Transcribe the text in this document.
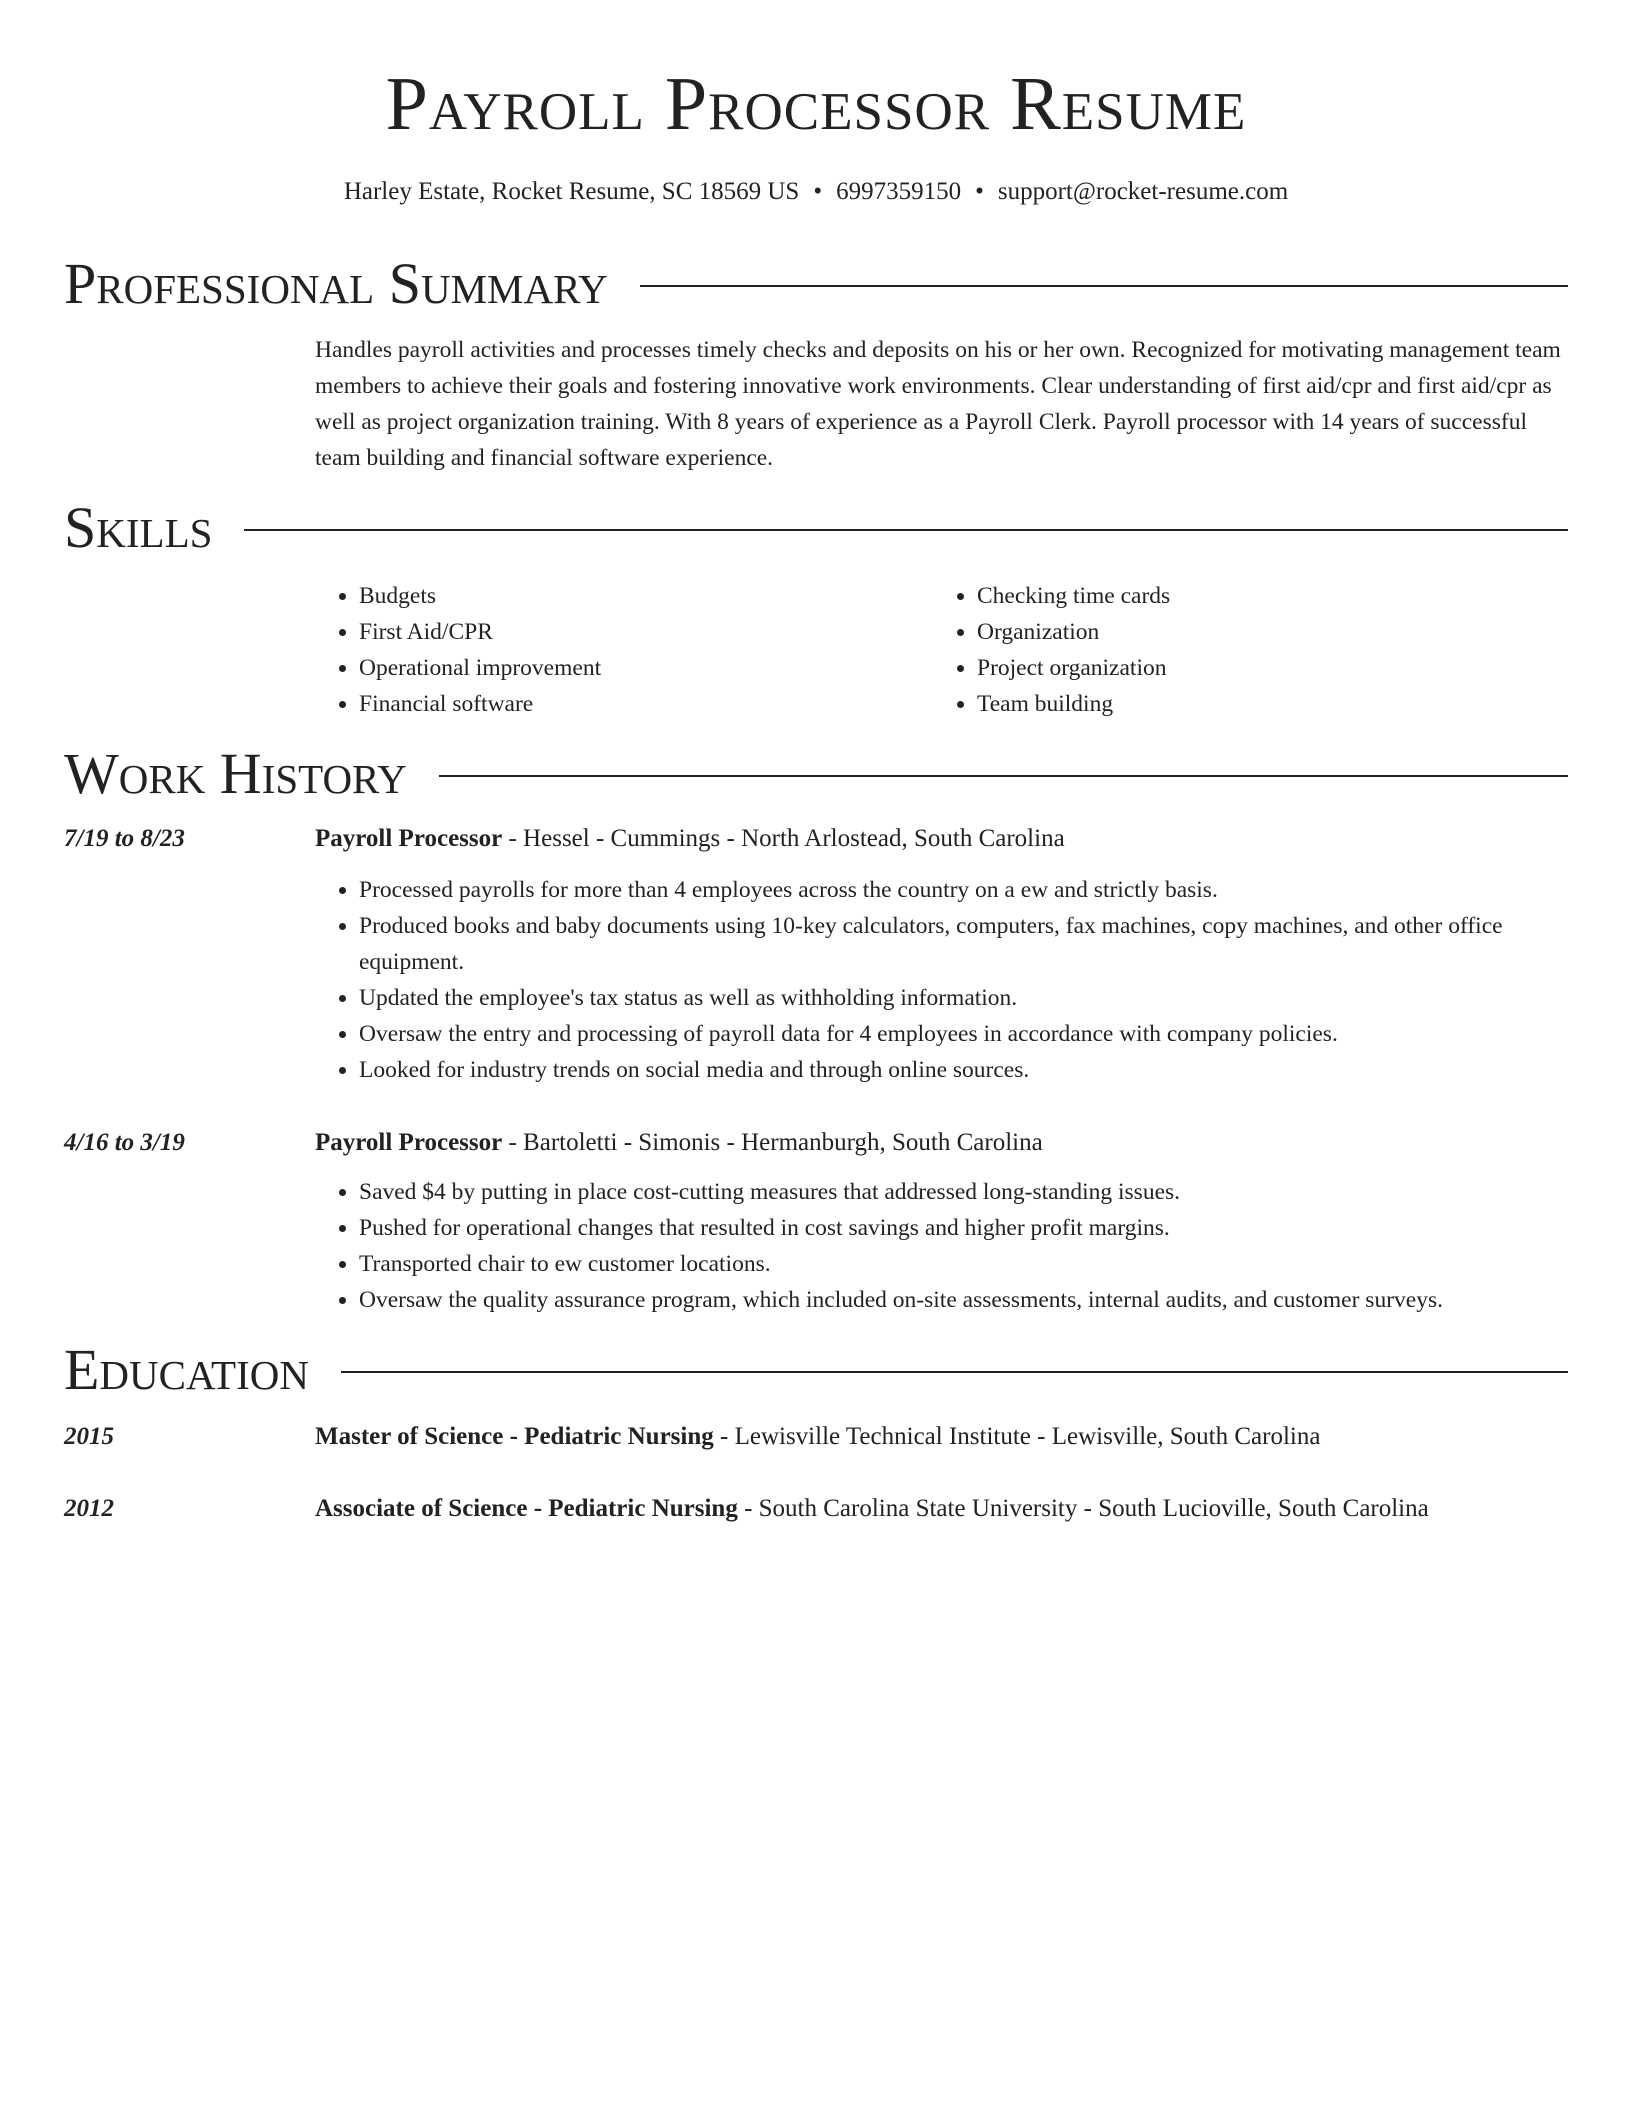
Payroll Processor Resume
Harley Estate, Rocket Resume, SC 18569 US • 6997359150 • support@rocket-resume.com
Professional Summary
Handles payroll activities and processes timely checks and deposits on his or her own. Recognized for motivating management team members to achieve their goals and fostering innovative work environments. Clear understanding of first aid/cpr and first aid/cpr as well as project organization training. With 8 years of experience as a Payroll Clerk. Payroll processor with 14 years of successful team building and financial software experience.
Skills
• Budgets
• First Aid/CPR
• Operational improvement
• Financial software
• Checking time cards
• Organization
• Project organization
• Team building
Work History
7/19 to 8/23	Payroll Processor - Hessel - Cummings - North Arlostead, South Carolina
• Processed payrolls for more than 4 employees across the country on a ew and strictly basis.
• Produced books and baby documents using 10-key calculators, computers, fax machines, copy machines, and other office equipment.
• Updated the employee's tax status as well as withholding information.
• Oversaw the entry and processing of payroll data for 4 employees in accordance with company policies.
• Looked for industry trends on social media and through online sources.
4/16 to 3/19	Payroll Processor - Bartoletti - Simonis - Hermanburgh, South Carolina
• Saved $4 by putting in place cost-cutting measures that addressed long-standing issues.
• Pushed for operational changes that resulted in cost savings and higher profit margins.
• Transported chair to ew customer locations.
• Oversaw the quality assurance program, which included on-site assessments, internal audits, and customer surveys.
Education
2015	Master of Science - Pediatric Nursing - Lewisville Technical Institute - Lewisville, South Carolina
2012	Associate of Science - Pediatric Nursing - South Carolina State University - South Lucioville, South Carolina
